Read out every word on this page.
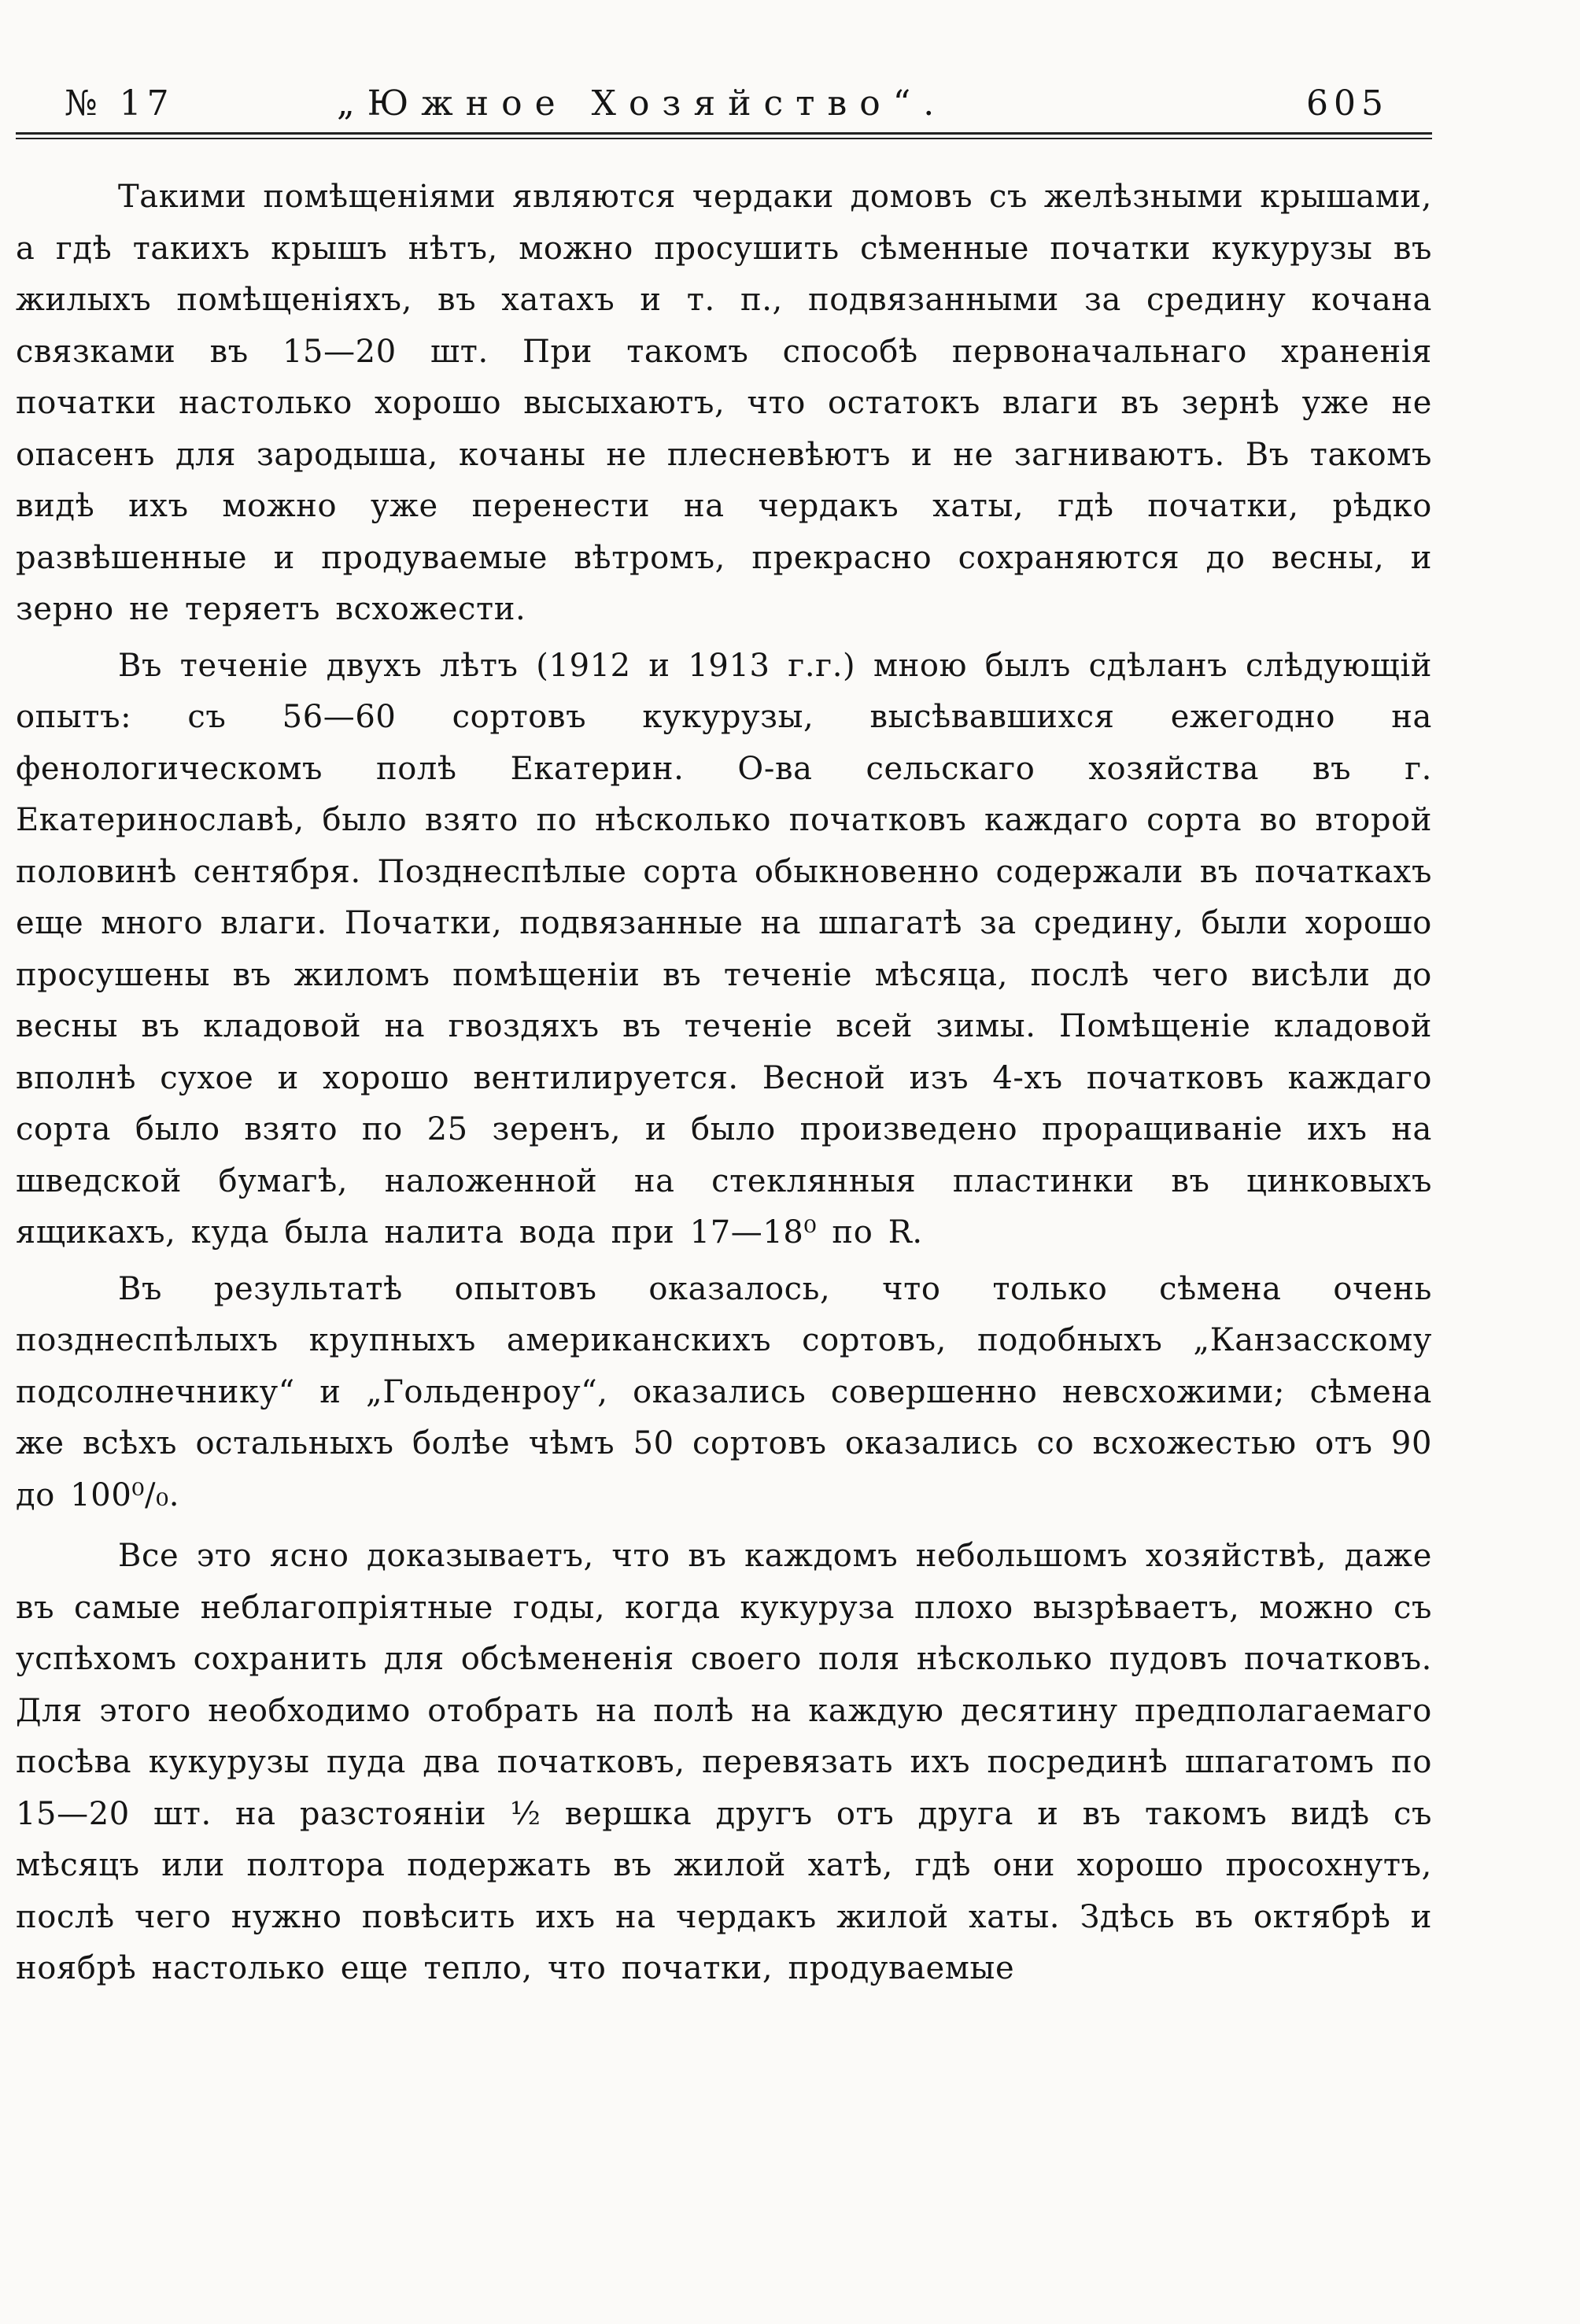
№ 17	„Южное Хозяйство“.	605

Такими помѣщеніями являются чердаки домовъ съ желѣзными крышами, а гдѣ такихъ крышъ нѣтъ, можно просушить сѣменные початки кукурузы въ жилыхъ помѣщеніяхъ, въ хатахъ и т. п., подвязанными за средину кочана связками въ 15—20 шт. При такомъ способѣ первоначальнаго храненія початки настолько хорошо высыхаютъ, что остатокъ влаги въ зернѣ уже не опасенъ для зародыша, кочаны не плесневѣютъ и не загниваютъ. Въ такомъ видѣ ихъ можно уже перенести на чердакъ хаты, гдѣ початки, рѣдко развѣшенные и продуваемые вѣтромъ, прекрасно сохраняются до весны, и зерно не теряетъ всхожести.

Въ теченіе двухъ лѣтъ (1912 и 1913 г.г.) мною былъ сдѣланъ слѣдующій опытъ: съ 56—60 сортовъ кукурузы, высѣвавшихся ежегодно на фенологическомъ полѣ Екатерин. О-ва сельскаго хозяйства въ г. Екатеринославѣ, было взято по нѣсколько початковъ каждаго сорта во второй половинѣ сентября. Позднеспѣлые сорта обыкновенно содержали въ початкахъ еще много влаги. Початки, подвязанные на шпагатѣ за средину, были хорошо просушены въ жиломъ помѣщеніи въ теченіе мѣсяца, послѣ чего висѣли до весны въ кладовой на гвоздяхъ въ теченіе всей зимы. Помѣщеніе кладовой вполнѣ сухое и хорошо вентилируется. Весной изъ 4-хъ початковъ каждаго сорта было взято по 25 зеренъ, и было произведено проращиваніе ихъ на шведской бумагѣ, наложенной на стеклянныя пластинки въ цинковыхъ ящикахъ, куда была налита вода при 17—18⁰ по R.

Въ результатѣ опытовъ оказалось, что только сѣмена очень позднеспѣлыхъ крупныхъ американскихъ сортовъ, подобныхъ „Канзасскому подсолнечнику“ и „Гольденроу“, оказались совершенно невсхожими; сѣмена же всѣхъ остальныхъ болѣе чѣмъ 50 сортовъ оказались со всхожестью отъ 90 до 100⁰/₀.

Все это ясно доказываетъ, что въ каждомъ небольшомъ хозяйствѣ, даже въ самые неблагопріятные годы, когда кукуруза плохо вызрѣваетъ, можно съ успѣхомъ сохранить для обсѣмененія своего поля нѣсколько пудовъ початковъ. Для этого необходимо отобрать на полѣ на каждую десятину предполагаемаго посѣва кукурузы пуда два початковъ, перевязать ихъ посрединѣ шпагатомъ по 15—20 шт. на разстояніи ½ вершка другъ отъ друга и въ такомъ видѣ съ мѣсяцъ или полтора подержать въ жилой хатѣ, гдѣ они хорошо просохнутъ, послѣ чего нужно повѣсить ихъ на чердакъ жилой хаты. Здѣсь въ октябрѣ и ноябрѣ настолько еще тепло, что початки, продуваемые
